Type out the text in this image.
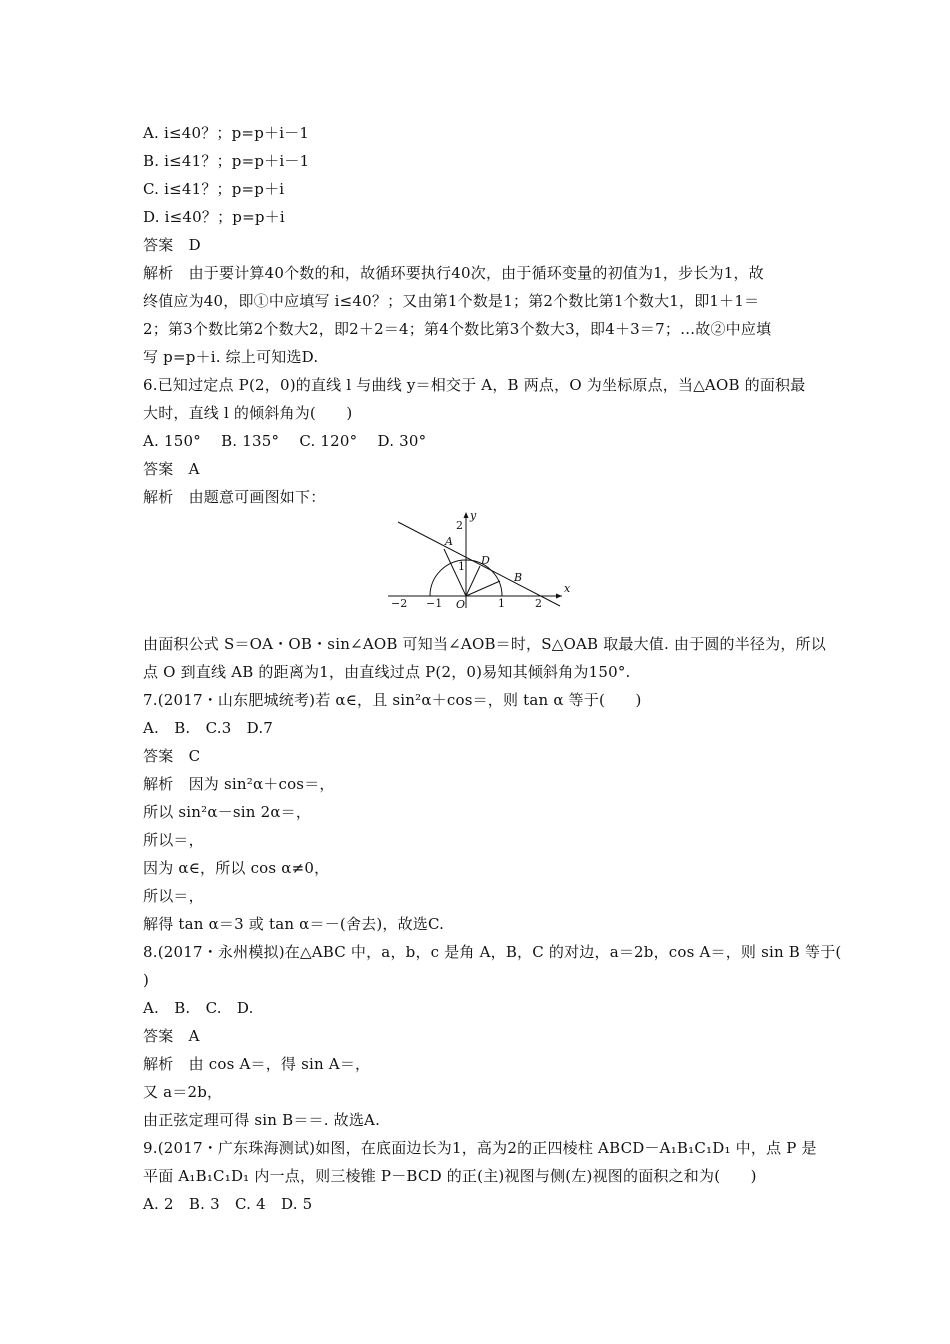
A. i≤40？；p=p＋i－1
B. i≤41？；p=p＋i－1
C. i≤41？；p=p＋i
D. i≤40？；p=p＋i
答案　D
解析　由于要计算40个数的和，故循环要执行40次，由于循环变量的初值为1，步长为1，故
终值应为40，即①中应填写 i≤40？；又由第1个数是1；第2个数比第1个数大1，即1＋1＝
2；第3个数比第2个数大2，即2＋2＝4；第4个数比第3个数大3，即4＋3＝7；…故②中应填
写 p=p＋i. 综上可知选D.
6.已知过定点 P(2，0)的直线 l 与曲线 y＝相交于 A，B 两点，O 为坐标原点，当△AOB 的面积最
大时，直线 l 的倾斜角为(　　)
A. 150°　 B. 135°　 C. 120°　 D. 30°
答案　A
解析　由题意可画图如下：
x
y
2
1
−2 −1 O	1	2
A
B
D
由面积公式 S＝OA・OB・sin∠AOB 可知当∠AOB＝时，S△OAB 取最大值. 由于圆的半径为，所以
点 O 到直线 AB 的距离为1，由直线过点 P(2，0)易知其倾斜角为150°.
7.(2017・山东肥城统考)若 α∈，且 sin²α＋cos＝，则 tan α 等于(　　)
A.　B.　C.3　D.7
答案　C
解析　因为 sin²α＋cos＝，
所以 sin²α－sin 2α＝，
所以＝，
因为 α∈，所以 cos α≠0，
所以＝，
解得 tan α＝3 或 tan α＝－(舍去)，故选C.
8.(2017・永州模拟)在△ABC 中，a，b，c 是角 A，B，C 的对边，a＝2b，cos A＝，则 sin B 等于(
)
A.　B.　C.　D.
答案　A
解析　由 cos A＝，得 sin A＝，
又 a＝2b，
由正弦定理可得 sin B＝＝. 故选A.
9.(2017・广东珠海测试)如图，在底面边长为1，高为2的正四棱柱 ABCD－A₁B₁C₁D₁ 中，点 P 是
平面 A₁B₁C₁D₁ 内一点，则三棱锥 P－BCD 的正(主)视图与侧(左)视图的面积之和为(　　)
A. 2　B. 3　C. 4　D. 5
